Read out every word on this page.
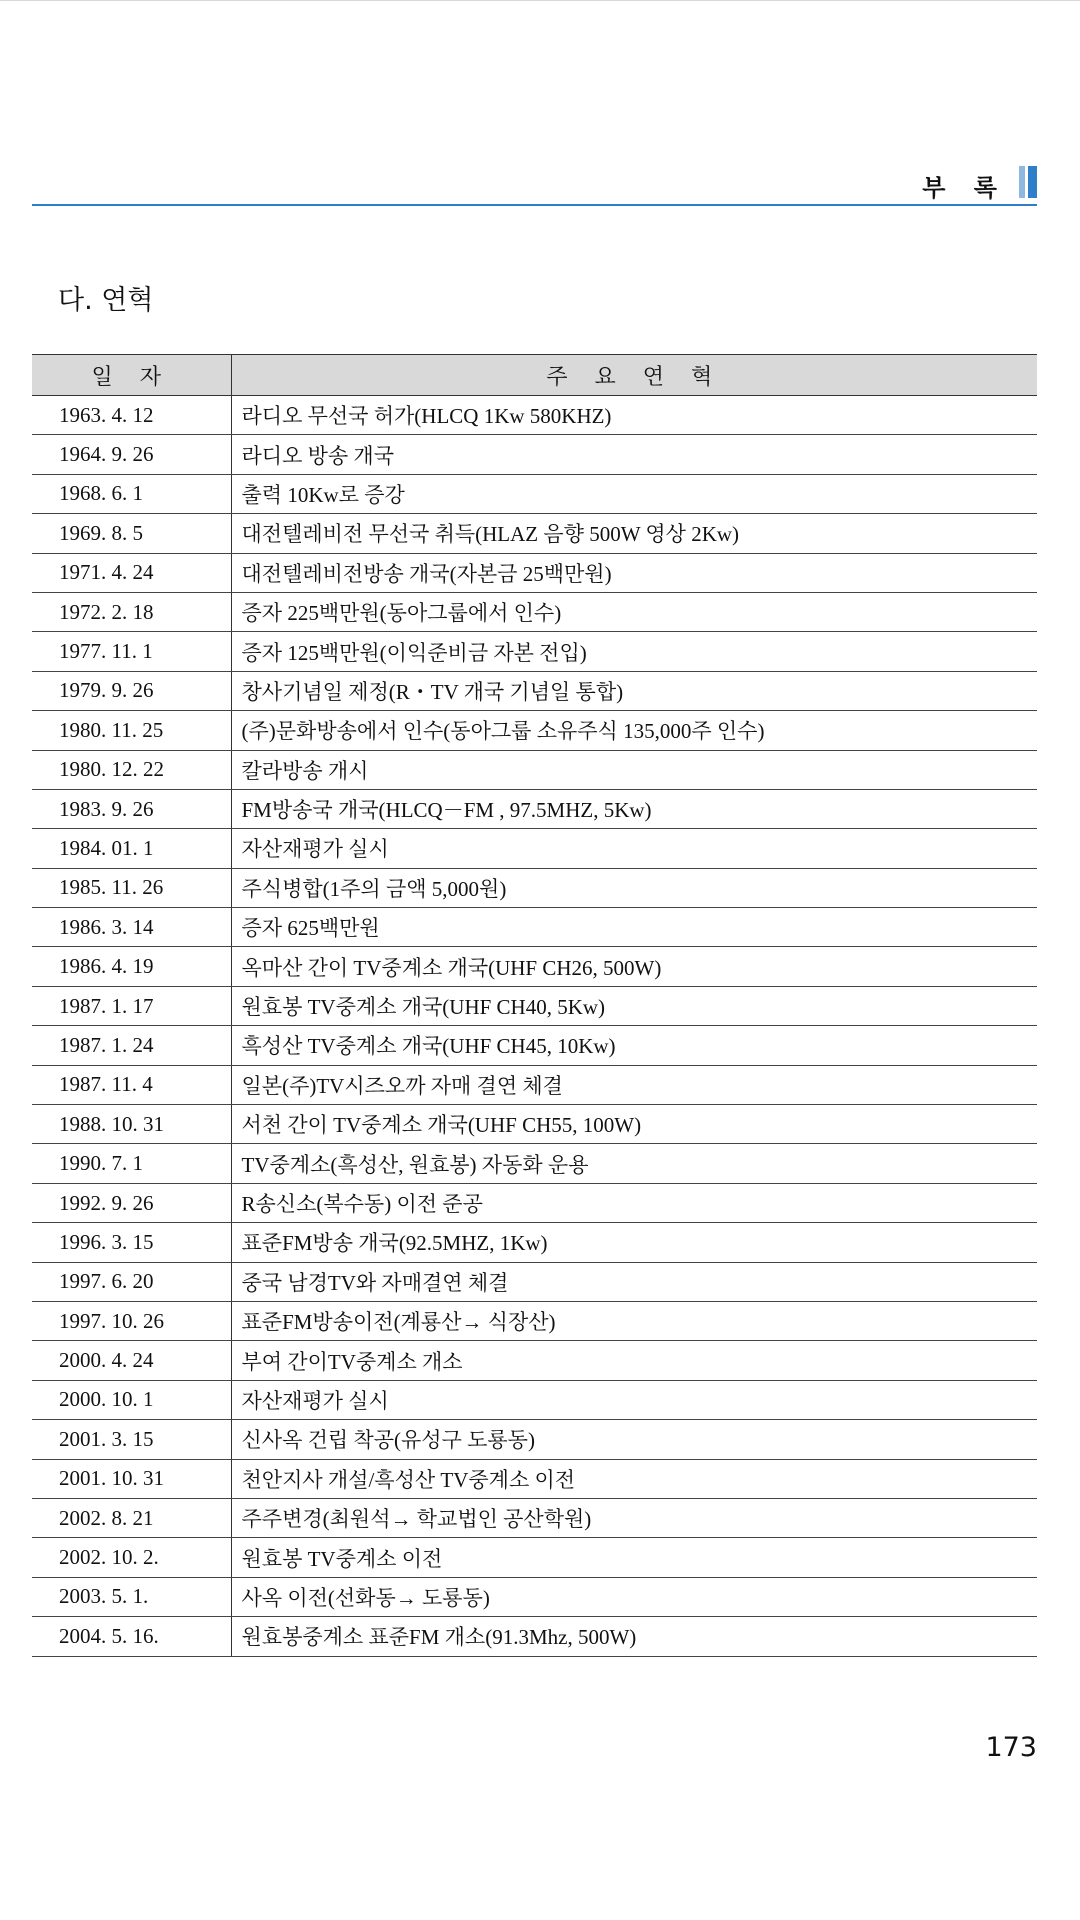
부 록
다. 연혁
일 자	주 요 연 혁
1963. 4. 12	라디오 무선국 허가(HLCQ 1Kw 580KHZ)
1964. 9. 26	라디오 방송 개국
1968. 6. 1	출력 10Kw로 증강
1969. 8. 5	대전텔레비전 무선국 취득(HLAZ 음향 500W 영상 2Kw)
1971. 4. 24	대전텔레비전방송 개국(자본금 25백만원)
1972. 2. 18	증자 225백만원(동아그룹에서 인수)
1977. 11. 1	증자 125백만원(이익준비금 자본 전입)
1979. 9. 26	창사기념일 제정(R・TV 개국 기념일 통합)
1980. 11. 25	(주)문화방송에서 인수(동아그룹 소유주식 135,000주 인수)
1980. 12. 22	칼라방송 개시
1983. 9. 26	FM방송국 개국(HLCQ－FM , 97.5MHZ, 5Kw)
1984. 01. 1	자산재평가 실시
1985. 11. 26	주식병합(1주의 금액 5,000원)
1986. 3. 14	증자 625백만원
1986. 4. 19	옥마산 간이 TV중계소 개국(UHF CH26, 500W)
1987. 1. 17	원효봉 TV중계소 개국(UHF CH40, 5Kw)
1987. 1. 24	흑성산 TV중계소 개국(UHF CH45, 10Kw)
1987. 11. 4	일본(주)TV시즈오까 자매 결연 체결
1988. 10. 31	서천 간이 TV중계소 개국(UHF CH55, 100W)
1990. 7. 1	TV중계소(흑성산, 원효봉) 자동화 운용
1992. 9. 26	R송신소(복수동) 이전 준공
1996. 3. 15	표준FM방송 개국(92.5MHZ, 1Kw)
1997. 6. 20	중국 남경TV와 자매결연 체결
1997. 10. 26	표준FM방송이전(계룡산→ 식장산)
2000. 4. 24	부여 간이TV중계소 개소
2000. 10. 1	자산재평가 실시
2001. 3. 15	신사옥 건립 착공(유성구 도룡동)
2001. 10. 31	천안지사 개설/흑성산 TV중계소 이전
2002. 8. 21	주주변경(최원석→ 학교법인 공산학원)
2002. 10. 2.	원효봉 TV중계소 이전
2003. 5. 1.	사옥 이전(선화동→ 도룡동)
2004. 5. 16.	원효봉중계소 표준FM 개소(91.3Mhz, 500W)
173
